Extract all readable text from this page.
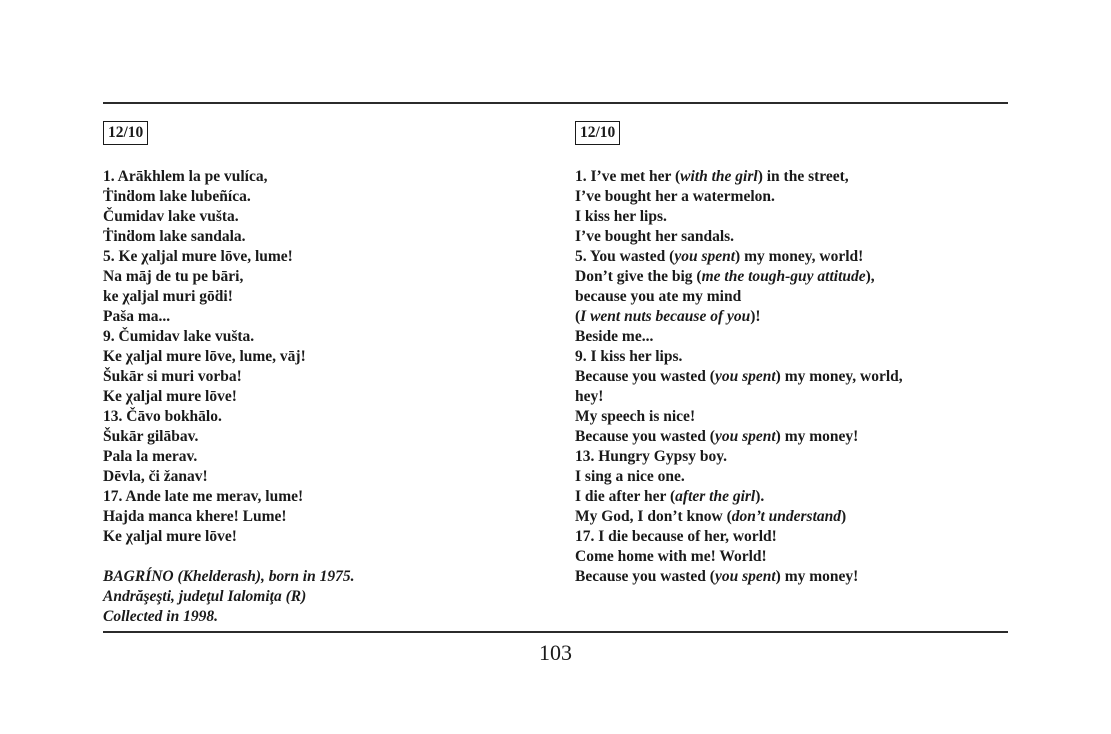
12/10
1. Arākhlem la pe vulíca,
Ṫinḋom lake lubeñíca.
Čumidav lake vušta.
Ṫinḋom lake sandala.
5. Ke χaljal mure lōve, lume!
Na māj de tu pe bāri,
ke χaljal muri gōḋi!
Paša ma...
9. Čumidav lake vušta.
Ke χaljal mure lōve, lume, vāj!
Šukār si muri vorba!
Ke χaljal mure lōve!
13. Čāvo bokhālo.
Šukār gilābav.
Pala la merav.
Dēvla, či žanav!
17. Ande late me merav, lume!
Hajda manca khere! Lume!
Ke χaljal mure lōve!
BAGRÍNO (Khelderash), born in 1975.
Andrăşeşti, judeţul Ialomiţa (R)
Collected in 1998.
12/10
1. I’ve met her (with the girl) in the street,
I’ve bought her a watermelon.
I kiss her lips.
I’ve bought her sandals.
5. You wasted (you spent) my money, world!
Don’t give the big (me the tough-guy attitude),
because you ate my mind
(I went nuts because of you)!
Beside me...
9. I kiss her lips.
Because you wasted (you spent) my money, world,
hey!
My speech is nice!
Because you wasted (you spent) my money!
13. Hungry Gypsy boy.
I sing a nice one.
I die after her (after the girl).
My God, I don’t know (don’t understand)
17. I die because of her, world!
Come home with me! World!
Because you wasted (you spent) my money!
103
